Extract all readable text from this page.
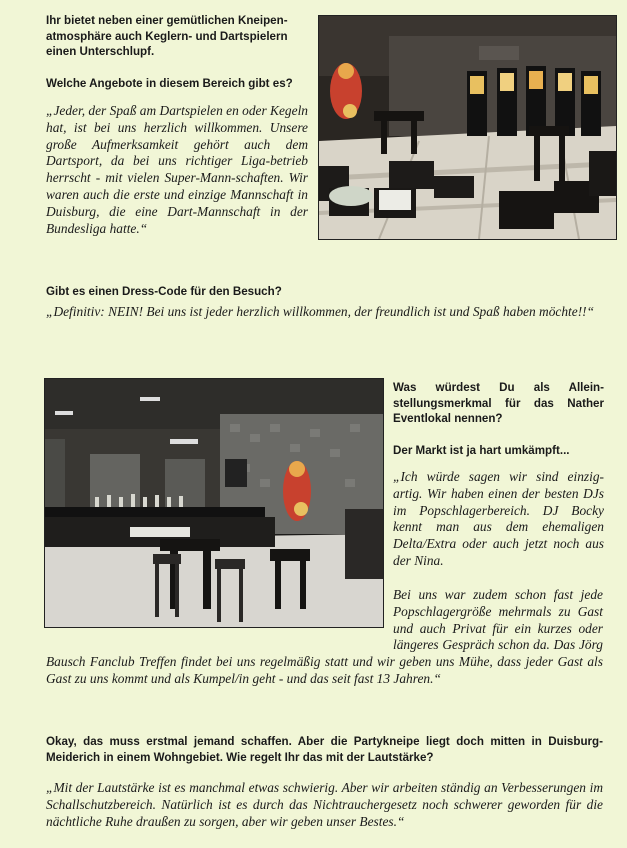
Ihr bietet neben einer gemütlichen Kneipen-atmosphäre auch Keglern- und Dartspielern einen Unterschlupf.

Welche Angebote in diesem Bereich gibt es?

„Jeder, der Spaß am Dartspielen en oder Kegeln hat, ist bei uns herzlich willkommen. Unsere große Aufmerksamkeit gehört auch dem Dartsport, da bei uns richtiger Liga-betrieb herrscht - mit vielen Super-Mann-schaften. Wir waren auch die erste und einzige Mannschaft in Duisburg, die eine Dart-Mannschaft in der Bundesliga hatte.“

Gibt es einen Dress-Code für den Besuch?

„Definitiv: NEIN! Bei uns ist jeder herzlich willkommen, der freundlich ist und Spaß haben möchte!!“

Was würdest Du als Allein-stellungsmerkmal für das Nather Eventlokal nennen?

Der Markt ist ja hart umkämpft...

„Ich würde sagen wir sind einzig-artig. Wir haben einen der besten DJs im Popschlagerbereich. DJ Bocky kennt man aus dem ehemaligen Delta/Extra oder auch jetzt noch aus der Nina.

Bei uns war zudem schon fast jede Popschlagergröße mehrmals zu Gast und auch Privat für ein kurzes oder längeres Gespräch schon da. Das Jörg Bausch Fanclub Treffen findet bei uns regelmäßig statt und wir geben uns Mühe, dass jeder Gast als Gast zu uns kommt und als Kumpel/in geht - und das seit fast 13 Jahren.“

Okay, das muss erstmal jemand schaffen. Aber die Partykneipe liegt doch mitten in Duisburg-Meiderich in einem Wohngebiet. Wie regelt Ihr das mit der Lautstärke?

„Mit der Lautstärke ist es manchmal etwas schwierig. Aber wir arbeiten ständig an Verbesserungen im Schallschutzbereich. Natürlich ist es durch das Nichtrauchergesetz noch schwerer geworden für die nächtliche Ruhe draußen zu sorgen, aber wir geben unser Bestes.“
